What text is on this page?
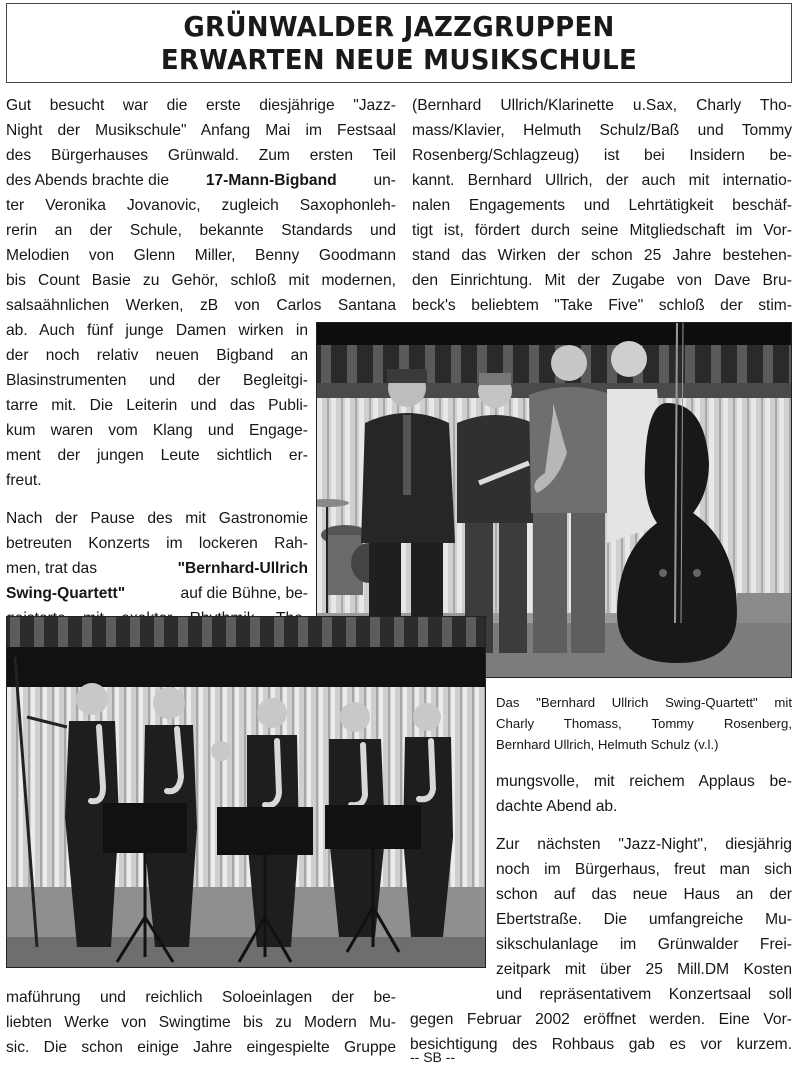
GRÜNWALDER JAZZGRUPPEN
ERWARTEN NEUE MUSIKSCHULE
Gut besucht war die erste diesjährige "Jazz-
Night der Musikschule" Anfang Mai im Festsaal
des Bürgerhauses Grünwald. Zum ersten Teil
des Abends brachte die 17-Mann-Bigband un-
ter Veronika Jovanovic, zugleich Saxophonleh-
rerin an der Schule, bekannte Standards und
Melodien von Glenn Miller, Benny Goodmann
bis Count Basie zu Gehör, schloß mit modernen,
salsaähnlichen Werken, zB von Carlos Santana
ab. Auch fünf junge Damen wirken in
der noch relativ neuen Bigband an
Blasinstrumenten und der Begleitgi-
tarre mit. Die Leiterin und das Publi-
kum waren vom Klang und Engage-
ment der jungen Leute sichtlich er-
freut.
Nach der Pause des mit Gastronomie
betreuten Konzerts im lockeren Rah-
men, trat das	"Bernhard-Ullrich
Swing-Quartett"	auf die Bühne, be-
(Bernhard Ullrich/Klarinette u.Sax, Charly Tho-
mass/Klavier, Helmuth Schulz/Baß und Tommy
Rosenberg/Schlagzeug) ist bei Insidern be-
kannt. Bernhard Ullrich, der auch mit internatio-
nalen Engagements und Lehrtätigkeit beschäf-
tigt ist, fördert durch seine Mitgliedschaft im Vor-
stand das Wirken der schon 25 Jahre bestehen-
den Einrichtung. Mit der Zugabe von Dave Bru-
beck's beliebtem "Take Five" schloß der stim-
Das "Bernhard Ullrich Swing-Quartett" mit
Charly Thomass, Tommy Rosenberg,
Bernhard Ullrich, Helmuth Schulz (v.l.)
mungsvolle, mit reichem Applaus be-
dachte Abend ab.
Zur nächsten "Jazz-Night", diesjährig
noch im Bürgerhaus, freut man sich
schon auf das neue Haus an der
Ebertstraße. Die umfangreiche Mu-
sikschulanlage im Grünwalder Frei-
zeitpark mit über 25 Mill.DM Kosten
und repräsentativem Konzertsaal soll
gegen Februar 2002 eröffnet werden. Eine Vor-
besichtigung des Rohbaus gab es vor kurzem.
-- SB --
maführung und reichlich Soloeinlagen der be-
liebten Werke von Swingtime bis zu Modern Mu-
sic. Die schon einige Jahre eingespielte Gruppe
